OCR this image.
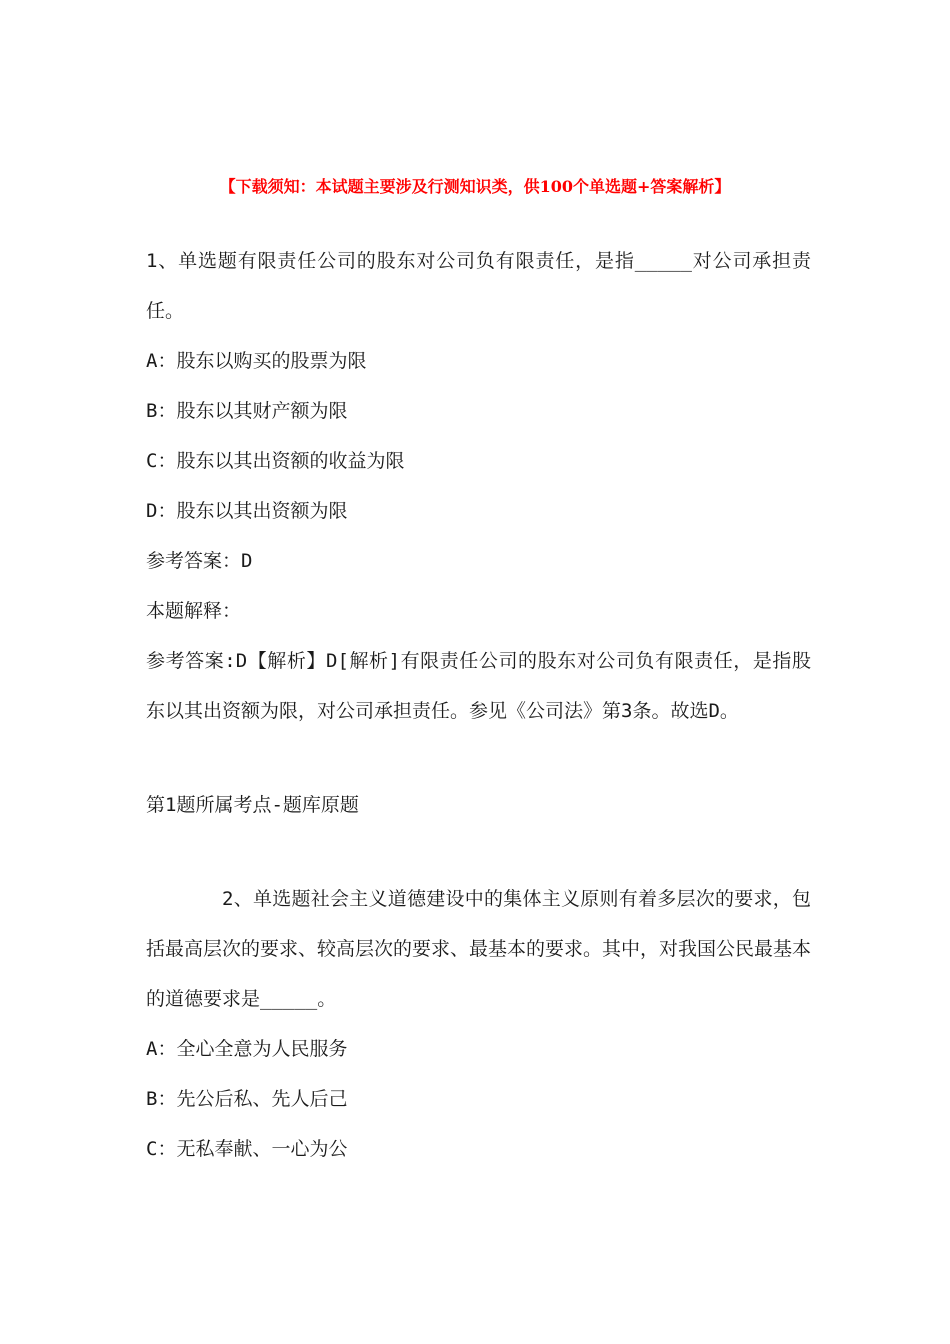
【下载须知：本试题主要涉及行测知识类，供100个单选题+答案解析】

1、单选题有限责任公司的股东对公司负有限责任，是指_____对公司承担责任。

A：股东以购买的股票为限

B：股东以其财产额为限

C：股东以其出资额的收益为限

D：股东以其出资额为限

参考答案：D

本题解释：

参考答案:D【解析】D[解析]有限责任公司的股东对公司负有限责任，是指股东以其出资额为限，对公司承担责任。参见《公司法》第3条。故选D。

第1题所属考点-题库原题

2、单选题社会主义道德建设中的集体主义原则有着多层次的要求，包括最高层次的要求、较高层次的要求、最基本的要求。其中，对我国公民最基本的道德要求是_____。

A：全心全意为人民服务

B：先公后私、先人后己

C：无私奉献、一心为公
